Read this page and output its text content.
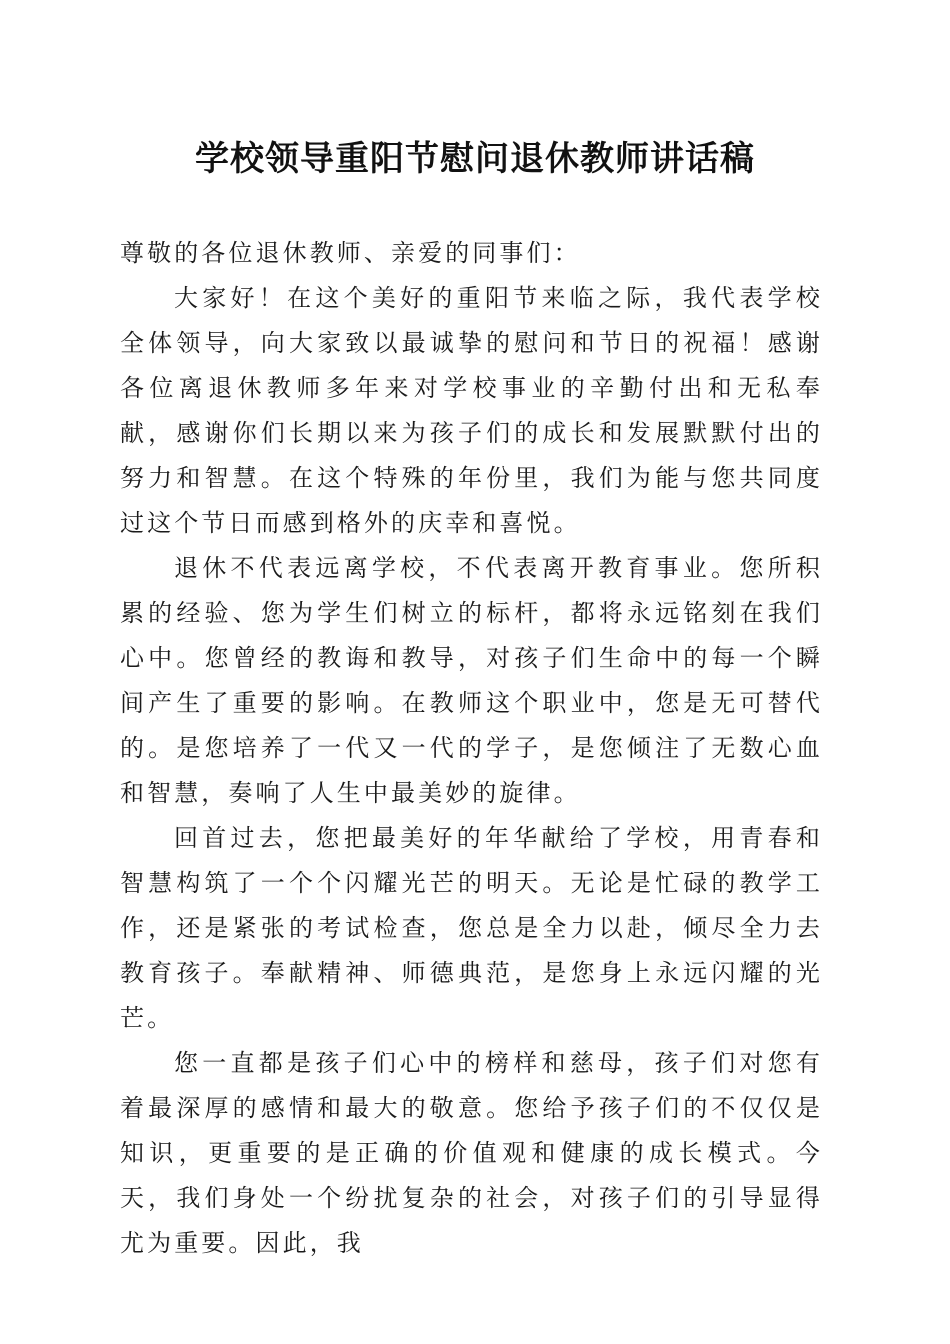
学校领导重阳节慰问退休教师讲话稿

尊敬的各位退休教师、亲爱的同事们：

大家好！在这个美好的重阳节来临之际，我代表学校全体领导，向大家致以最诚挚的慰问和节日的祝福！感谢各位离退休教师多年来对学校事业的辛勤付出和无私奉献，感谢你们长期以来为孩子们的成长和发展默默付出的努力和智慧。在这个特殊的年份里，我们为能与您共同度过这个节日而感到格外的庆幸和喜悦。

退休不代表远离学校，不代表离开教育事业。您所积累的经验、您为学生们树立的标杆，都将永远铭刻在我们心中。您曾经的教诲和教导，对孩子们生命中的每一个瞬间产生了重要的影响。在教师这个职业中，您是无可替代的。是您培养了一代又一代的学子，是您倾注了无数心血和智慧，奏响了人生中最美妙的旋律。

回首过去，您把最美好的年华献给了学校，用青春和智慧构筑了一个个闪耀光芒的明天。无论是忙碌的教学工作，还是紧张的考试检查，您总是全力以赴，倾尽全力去教育孩子。奉献精神、师德典范，是您身上永远闪耀的光芒。

您一直都是孩子们心中的榜样和慈母，孩子们对您有着最深厚的感情和最大的敬意。您给予孩子们的不仅仅是知识，更重要的是正确的价值观和健康的成长模式。今天，我们身处一个纷扰复杂的社会，对孩子们的引导显得尤为重要。因此，我
